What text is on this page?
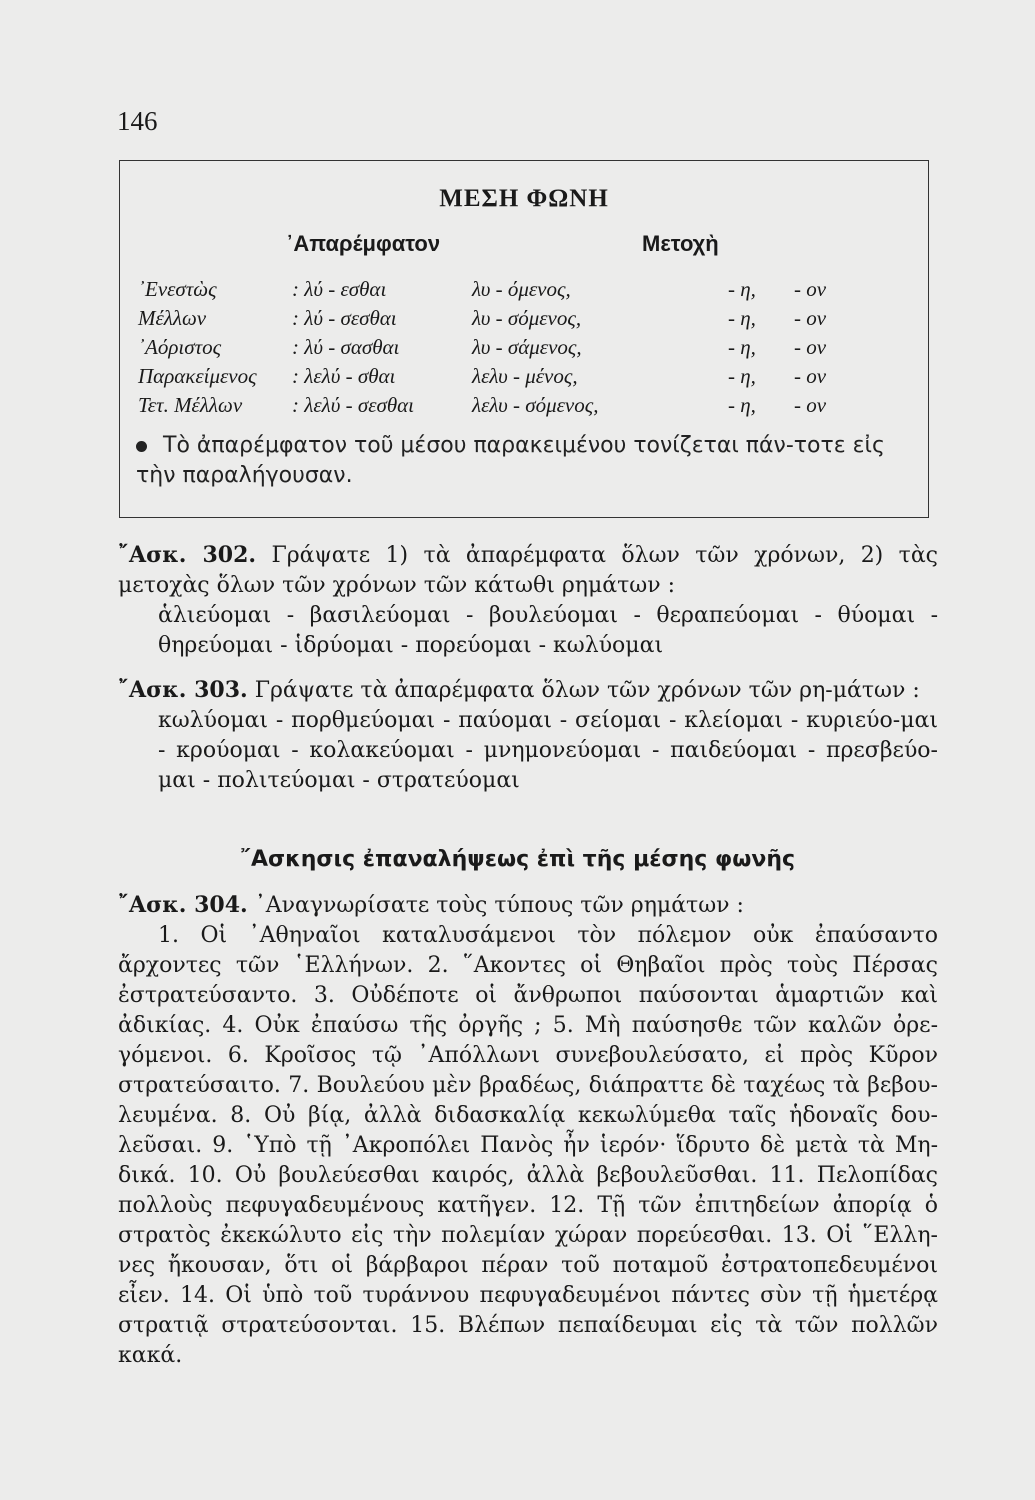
146
ΜΕΣΗ ΦΩΝΗ
᾿Απαρέμφατον	Μετοχὴ
᾿Ενεστὼς	: λύ - εσθαι	λυ - όμενος,	- η, - ον
Μέλλων	: λύ - σεσθαι	λυ - σόμενος,	- η, - ον
᾿Αόριστος	: λύ - σασθαι	λυ - σάμενος,	- η, - ον
Παρακείμενος : λελύ - σθαι	λελυ - μένος,	- η, - ον
Τετ. Μέλλων : λελύ - σεσθαι	λελυ - σόμενος,	- η, - ον
Τὸ ἀπαρέμφατον τοῦ μέσου παρακειμένου τονίζεται πάν-τοτε εἰς τὴν παραλήγουσαν.
῎Ασκ. 302. Γράψατε 1) τὰ ἀπαρέμφατα ὅλων τῶν χρόνων, 2) τὰς μετοχὰς ὅλων τῶν χρόνων τῶν κάτωθι ρημάτων :
ἁλιεύομαι - βασιλεύομαι - βουλεύομαι - θεραπεύομαι - θύομαι - θηρεύομαι - ἱδρύομαι - πορεύομαι - κωλύομαι
῎Ασκ. 303. Γράψατε τὰ ἀπαρέμφατα ὅλων τῶν χρόνων τῶν ρη-μάτων :
κωλύομαι - πορθμεύομαι - παύομαι - σείομαι - κλείομαι - κυριεύο-μαι - κρούομαι - κολακεύομαι - μνημονεύομαι - παιδεύομαι - πρεσβεύο-μαι - πολιτεύομαι - στρατεύομαι
῎Ασκησις ἐπαναλήψεως ἐπὶ τῆς μέσης φωνῆς
῎Ασκ. 304. ᾿Αναγνωρίσατε τοὺς τύπους τῶν ρημάτων :
1. Οἱ ᾿Αθηναῖοι καταλυσάμενοι τὸν πόλεμον οὐκ ἐπαύσαντο ἄρχοντες τῶν ῾Ελλήνων. 2. ῞Ακοντες οἱ Θηβαῖοι πρὸς τοὺς Πέρσας ἐστρατεύσαντο. 3. Οὐδέποτε οἱ ἄνθρωποι παύσονται ἁμαρτιῶν καὶ ἀδικίας. 4. Οὐκ ἐπαύσω τῆς ὀργῆς ; 5. Μὴ παύσησθε τῶν καλῶν ὀρε-γόμενοι. 6. Κροῖσος τῷ ᾿Απόλλωνι συνεβουλεύσατο, εἰ πρὸς Κῦρον στρατεύσαιτο. 7. Βουλεύου μὲν βραδέως, διάπραττε δὲ ταχέως τὰ βεβου-λευμένα. 8. Οὐ βίᾳ, ἀλλὰ διδασκαλίᾳ κεκωλύμεθα ταῖς ἡδοναῖς δου-λεῦσαι. 9. ῾Υπὸ τῇ ᾿Ακροπόλει Πανὸς ἦν ἱερόν· ἵδρυτο δὲ μετὰ τὰ Μη-δικά. 10. Οὐ βουλεύεσθαι καιρός, ἀλλὰ βεβουλεῦσθαι. 11. Πελοπίδας πολλοὺς πεφυγαδευμένους κατῆγεν. 12. Τῇ τῶν ἐπιτηδείων ἀπορίᾳ ὁ στρατὸς ἐκεκώλυτο εἰς τὴν πολεμίαν χώραν πορεύεσθαι. 13. Οἱ ῞Ελλη-νες ἤκουσαν, ὅτι οἱ βάρβαροι πέραν τοῦ ποταμοῦ ἐστρατοπεδευμένοι εἶεν. 14. Οἱ ὑπὸ τοῦ τυράννου πεφυγαδευμένοι πάντες σὺν τῇ ἡμετέρᾳ στρατιᾷ στρατεύσονται. 15. Βλέπων πεπαίδευμαι εἰς τὰ τῶν πολλῶν κακά.
